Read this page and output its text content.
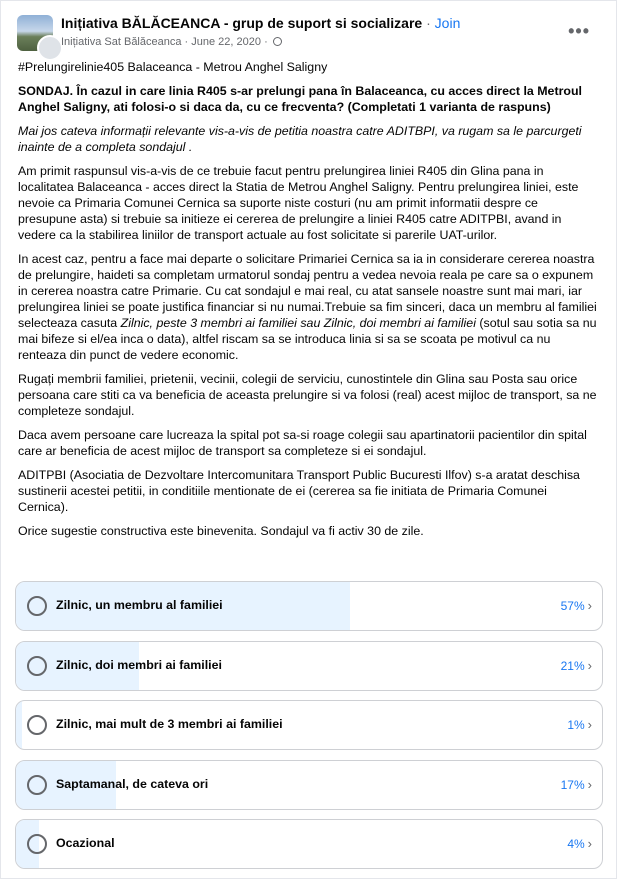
Inițiativa BĂLĂCEANCA - grup de suport si socializare · Join
Inițiativa Sat Bălăceanca · June 22, 2020 ·
•••

#Prelungirelinie405 Balaceanca - Metrou Anghel Saligny

SONDAJ. În cazul in care linia R405 s-ar prelungi pana în Balaceanca, cu acces direct la Metroul Anghel Saligny, ati folosi-o si daca da, cu ce frecventa? (Completati 1 varianta de raspuns)

Mai jos cateva informații relevante vis-a-vis de petitia noastra catre ADITBPI, va rugam sa le parcurgeti inainte de a completa sondajul .

Am primit raspunsul vis-a-vis de ce trebuie facut pentru prelungirea liniei R405 din Glina pana in localitatea Balaceanca - acces direct la Statia de Metrou Anghel Saligny. Pentru prelungirea liniei, este nevoie ca Primaria Comunei Cernica sa suporte niste costuri (nu am primit informatii despre ce presupune asta) si trebuie sa initieze ei cererea de prelungire a liniei R405 catre ADITPBI, avand in vedere ca la stabilirea liniilor de transport actuale au fost solicitate si parerile UAT-urilor.

In acest caz, pentru a face mai departe o solicitare Primariei Cernica sa ia in considerare cererea noastra de prelungire, haideti sa completam urmatorul sondaj pentru a vedea nevoia reala pe care sa o expunem in cererea noastra catre Primarie. Cu cat sondajul e mai real, cu atat sansele noastre sunt mai mari, iar prelungirea liniei se poate justifica financiar si nu numai.Trebuie sa fim sinceri, daca un membru al familiei selecteaza casuta Zilnic, peste 3 membri ai familiei sau Zilnic, doi membri ai familiei (sotul sau sotia sa nu mai bifeze si el/ea inca o data), altfel riscam sa se introduca linia si sa se scoata pe motivul ca nu renteaza din punct de vedere economic.

Rugați membrii familiei, prietenii, vecinii, colegii de serviciu, cunostintele din Glina sau Posta sau orice persoana care stiti ca va beneficia de aceasta prelungire si va folosi (real) acest mijloc de transport, sa ne completeze sondajul.

Daca avem persoane care lucreaza la spital pot sa-si roage colegii sau apartinatorii pacientilor din spital care ar beneficia de acest mijloc de transport sa completeze si ei sondajul.

ADITPBI (Asociatia de Dezvoltare Intercomunitara Transport Public Bucuresti Ilfov) s-a aratat deschisa sustinerii acestei petitii, in conditiile mentionate de ei (cererea sa fie initiata de Primaria Comunei Cernica).

Orice sugestie constructiva este binevenita. Sondajul va fi activ 30 de zile.

Zilnic, un membru al familiei	57% ›
Zilnic, doi membri ai familiei	21% ›
Zilnic, mai mult de 3 membri ai familiei	1% ›
Saptamanal, de cateva ori	17% ›
Ocazional	4% ›
